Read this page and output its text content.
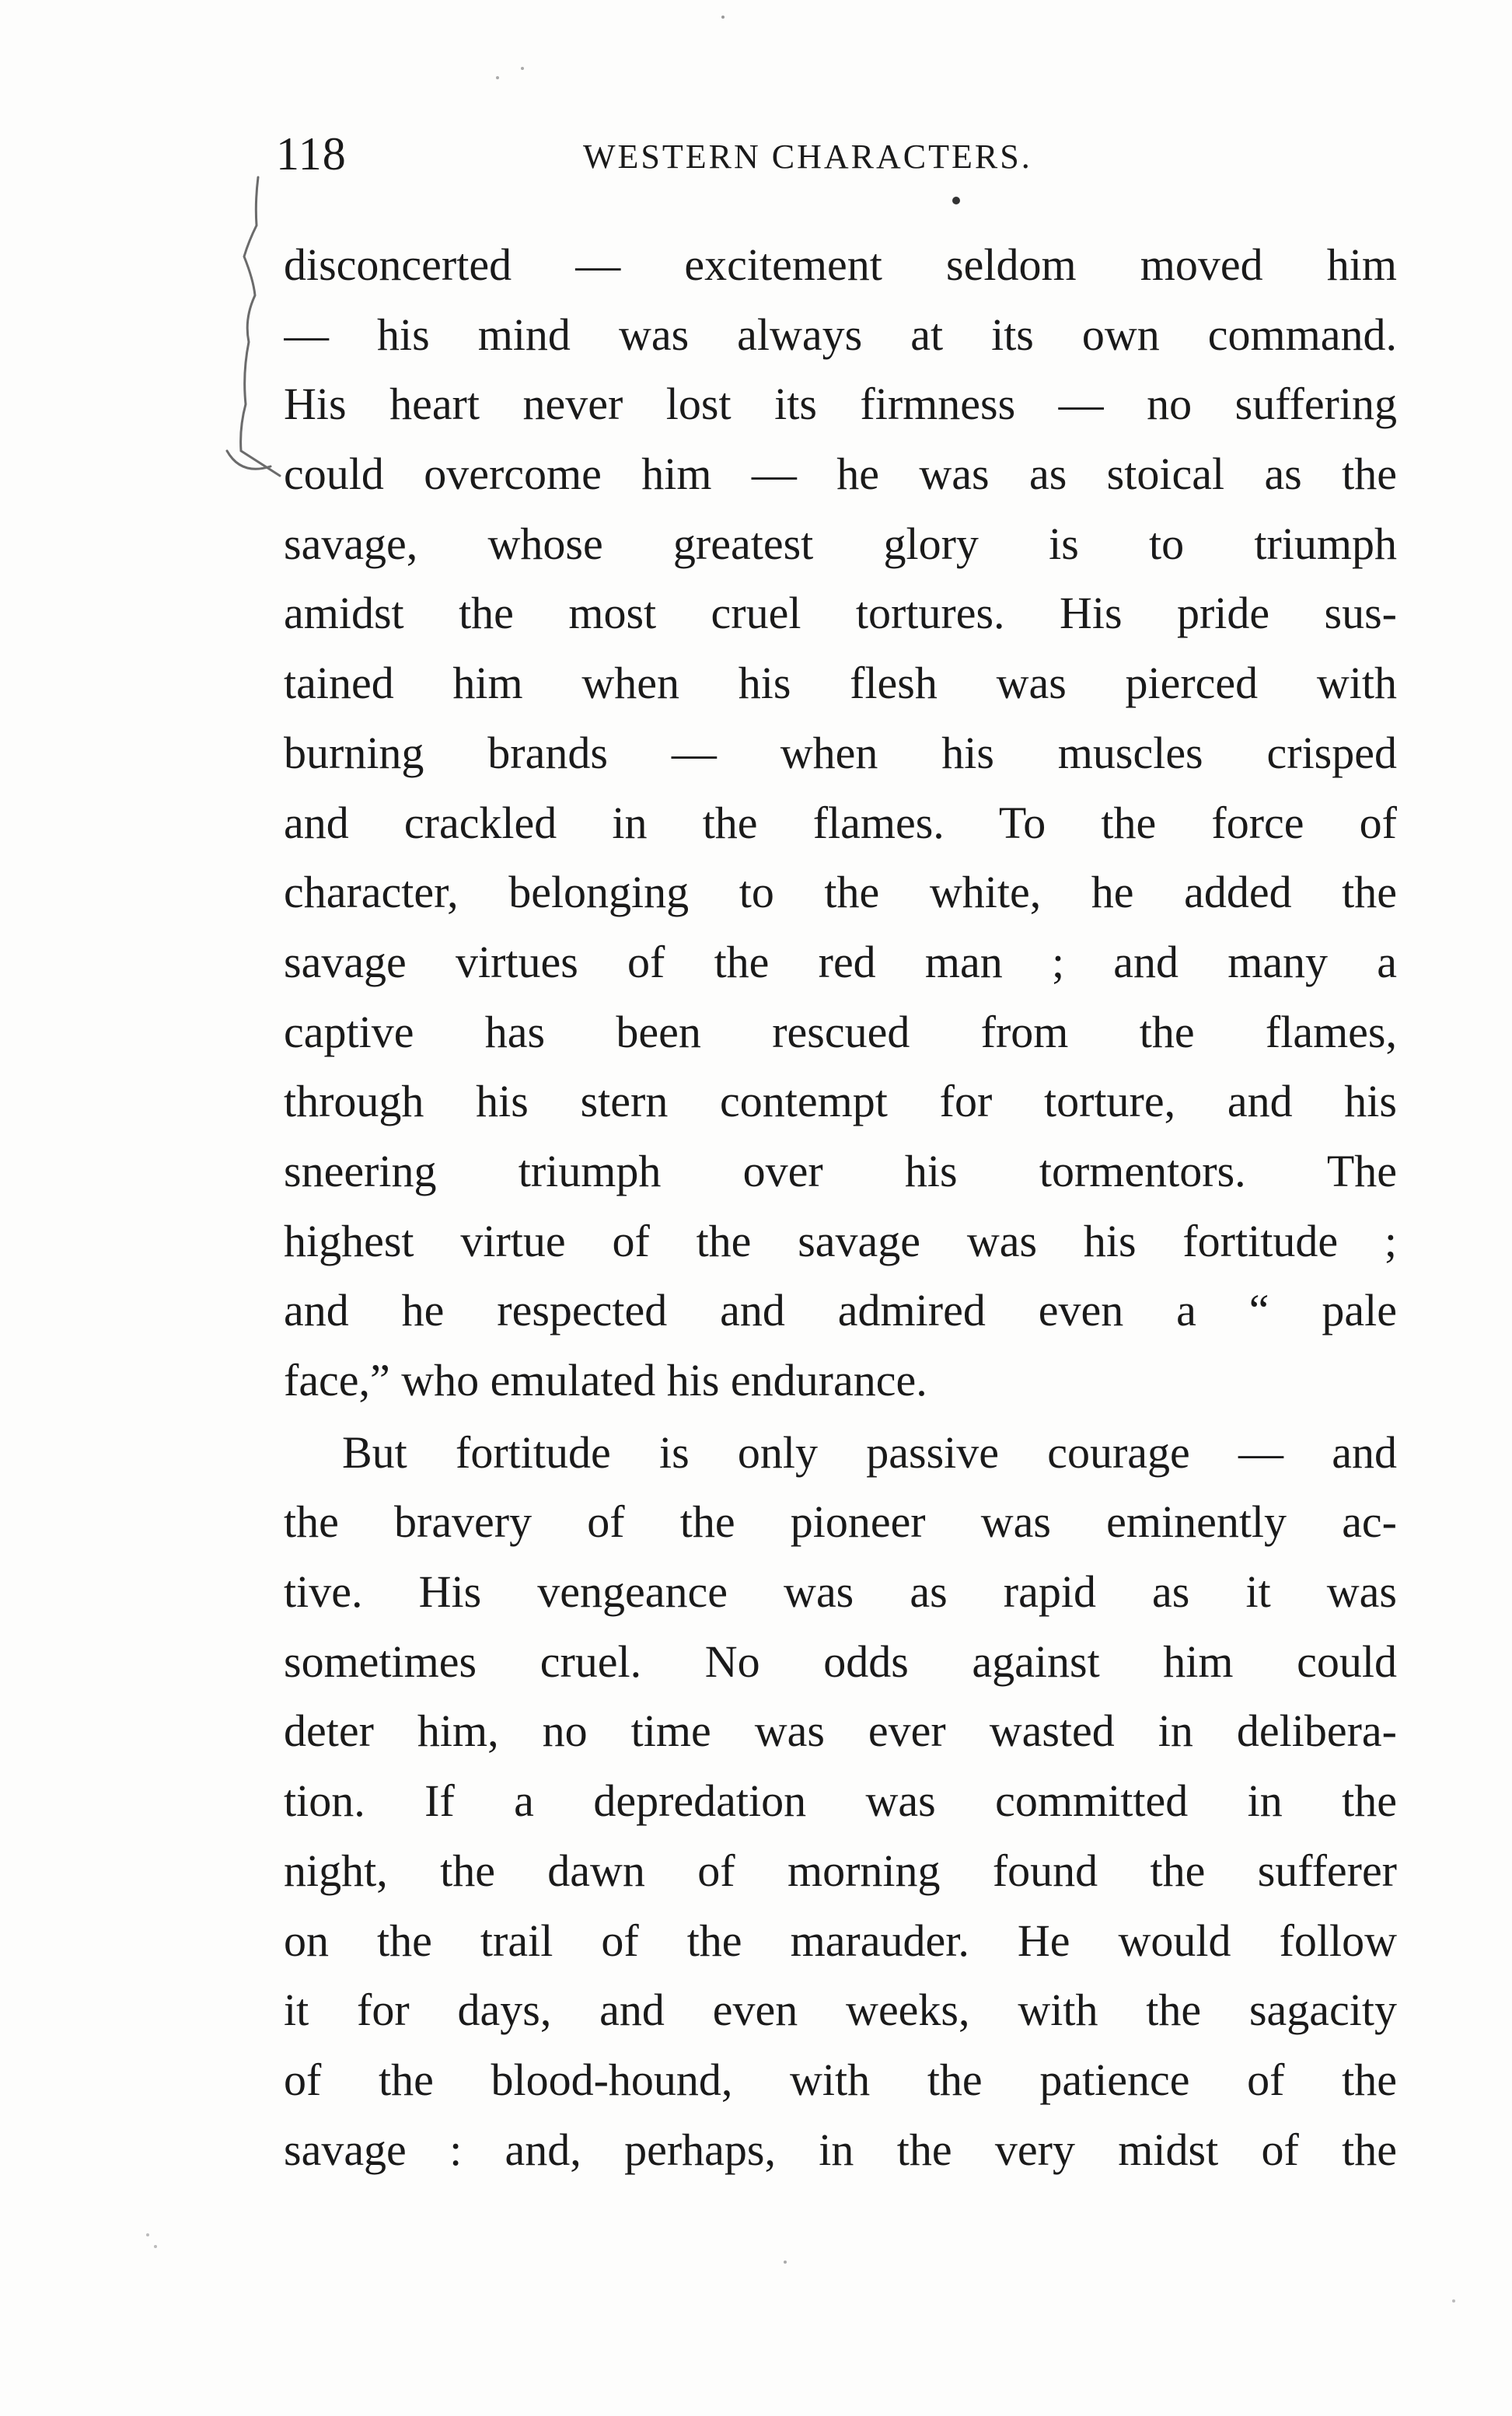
118	WESTERN CHARACTERS.
disconcerted — excitement seldom moved him
— his mind was always at its own command.
His heart never lost its firmness — no suffering
could overcome him — he was as stoical as the
savage, whose greatest glory is to triumph
amidst the most cruel tortures. His pride sus-
tained him when his flesh was pierced with
burning brands — when his muscles crisped
and crackled in the flames. To the force of
character, belonging to the white, he added the
savage virtues of the red man ; and many a
captive has been rescued from the flames,
through his stern contempt for torture, and his
sneering triumph over his tormentors. The
highest virtue of the savage was his fortitude ;
and he respected and admired even a “ pale
face,” who emulated his endurance.
But fortitude is only passive courage — and
the bravery of the pioneer was eminently ac-
tive. His vengeance was as rapid as it was
sometimes cruel. No odds against him could
deter him, no time was ever wasted in delibera-
tion. If a depredation was committed in the
night, the dawn of morning found the sufferer
on the trail of the marauder. He would follow
it for days, and even weeks, with the sagacity
of the blood-hound, with the patience of the
savage : and, perhaps, in the very midst of the
